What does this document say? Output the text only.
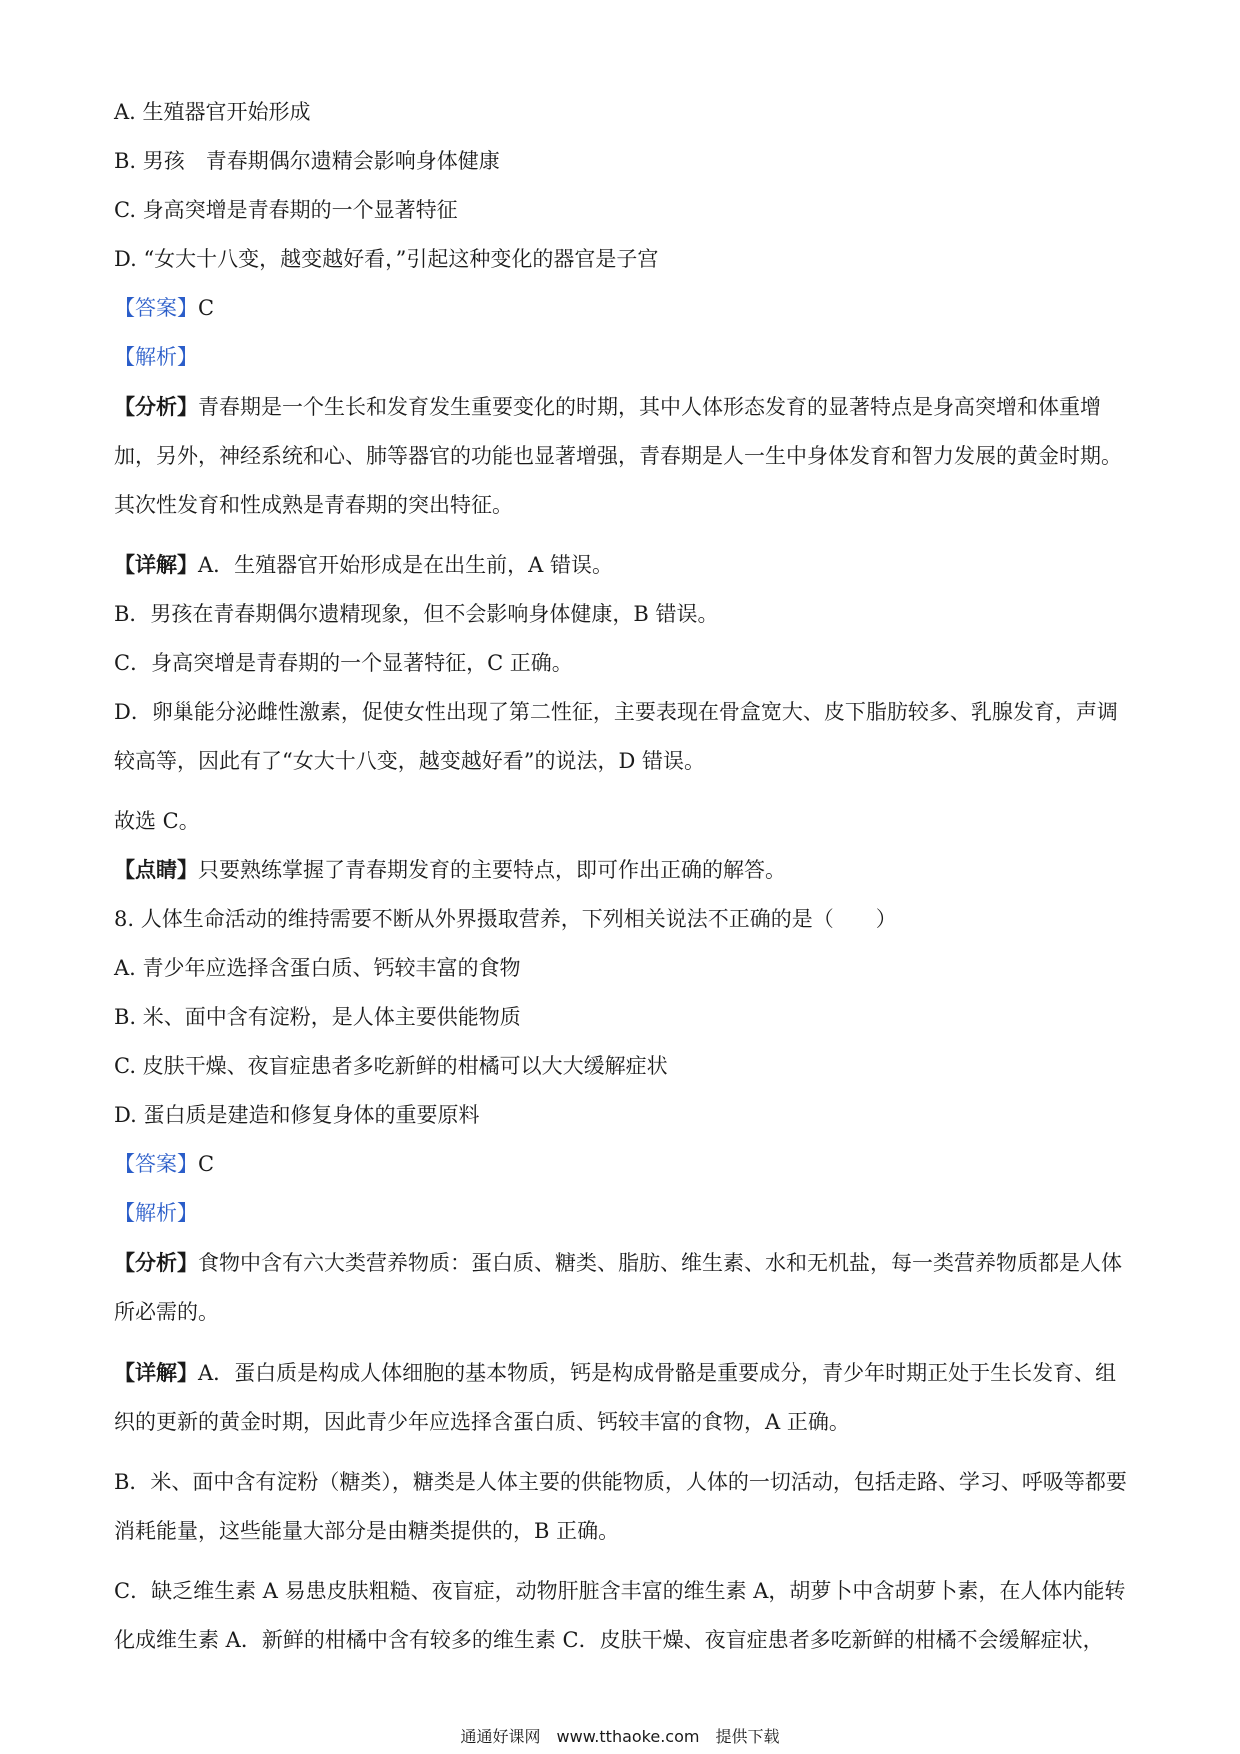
A. 生殖器官开始形成
B. 男孩　青春期偶尔遗精会影响身体健康
C. 身高突增是青春期的一个显著特征
D. “女大十八变，越变越好看，”引起这种变化的器官是子宫
【答案】C
【解析】
【分析】青春期是一个生长和发育发生重要变化的时期，其中人体形态发育的显著特点是身高突增和体重增加，另外，神经系统和心、肺等器官的功能也显著增强，青春期是人一生中身体发育和智力发展的黄金时期。其次性发育和性成熟是青春期的突出特征。
【详解】A．生殖器官开始形成是在出生前，A 错误。
B．男孩在青春期偶尔遗精现象，但不会影响身体健康，B 错误。
C．身高突增是青春期的一个显著特征，C 正确。
D．卵巢能分泌雌性激素，促使女性出现了第二性征，主要表现在骨盒宽大、皮下脂肪较多、乳腺发育，声调较高等，因此有了“女大十八变，越变越好看”的说法，D 错误。
故选 C。
【点睛】只要熟练掌握了青春期发育的主要特点，即可作出正确的解答。
8. 人体生命活动的维持需要不断从外界摄取营养，下列相关说法不正确的是（　　）
A. 青少年应选择含蛋白质、钙较丰富的食物
B. 米、面中含有淀粉，是人体主要供能物质
C. 皮肤干燥、夜盲症患者多吃新鲜的柑橘可以大大缓解症状
D. 蛋白质是建造和修复身体的重要原料
【答案】C
【解析】
【分析】食物中含有六大类营养物质：蛋白质、糖类、脂肪、维生素、水和无机盐，每一类营养物质都是人体所必需的。
【详解】A．蛋白质是构成人体细胞的基本物质，钙是构成骨骼是重要成分，青少年时期正处于生长发育、组织的更新的黄金时期，因此青少年应选择含蛋白质、钙较丰富的食物，A 正确。
B．米、面中含有淀粉（糖类），糖类是人体主要的供能物质，人体的一切活动，包括走路、学习、呼吸等都要消耗能量，这些能量大部分是由糖类提供的，B 正确。
C．缺乏维生素 A 易患皮肤粗糙、夜盲症，动物肝脏含丰富的维生素 A，胡萝卜中含胡萝卜素，在人体内能转化成维生素 A．新鲜的柑橘中含有较多的维生素 C．皮肤干燥、夜盲症患者多吃新鲜的柑橘不会缓解症状，
通通好课网　www.tthaoke.com　提供下载
